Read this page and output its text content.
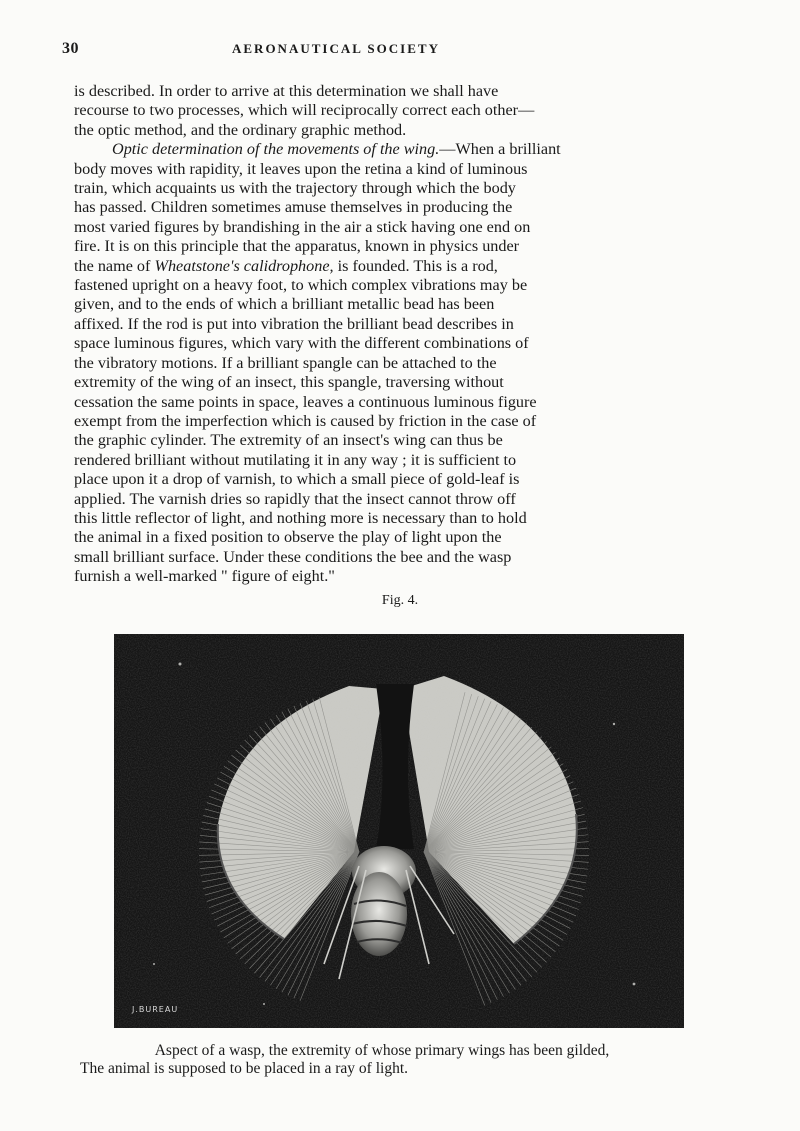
30	AERONAUTICAL SOCIETY

is described. In order to arrive at this determination we shall have

recourse to two processes, which will reciprocally correct each other—

the optic method, and the ordinary graphic method.

Optic determination of the movements of the wing.—When a brilliant

body moves with rapidity, it leaves upon the retina a kind of luminous

train, which acquaints us with the trajectory through which the body

has passed. Children sometimes amuse themselves in producing the

most varied figures by brandishing in the air a stick having one end on

fire. It is on this principle that the apparatus, known in physics under

the name of Wheatstone's calidrophone, is founded. This is a rod,

fastened upright on a heavy foot, to which complex vibrations may be

given, and to the ends of which a brilliant metallic bead has been

affixed. If the rod is put into vibration the brilliant bead describes in

space luminous figures, which vary with the different combinations of

the vibratory motions. If a brilliant spangle can be attached to the

extremity of the wing of an insect, this spangle, traversing without

cessation the same points in space, leaves a continuous luminous figure

exempt from the imperfection which is caused by friction in the case of

the graphic cylinder. The extremity of an insect's wing can thus be

rendered brilliant without mutilating it in any way ; it is sufficient to

place upon it a drop of varnish, to which a small piece of gold-leaf is

applied. The varnish dries so rapidly that the insect cannot throw off

this little reflector of light, and nothing more is necessary than to hold

the animal in a fixed position to observe the play of light upon the

small brilliant surface. Under these conditions the bee and the wasp

furnish a well-marked " figure of eight."

Fig. 4.
J.BUREAU
Aspect of a wasp, the extremity of whose primary wings has been gilded,
The animal is supposed to be placed in a ray of light.
